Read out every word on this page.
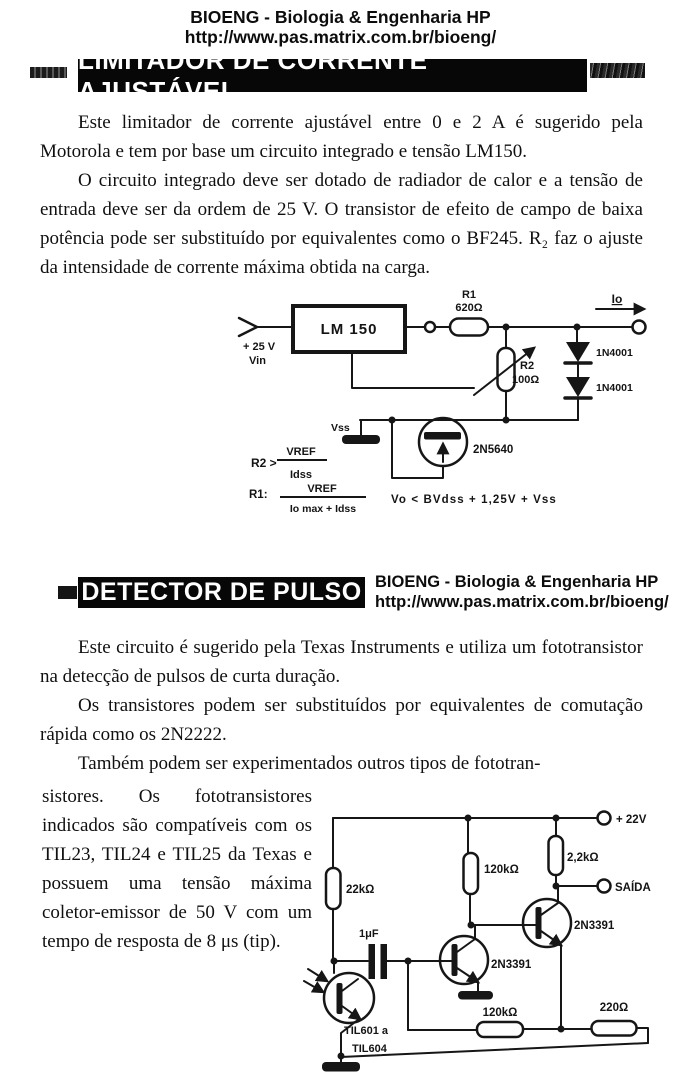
BIOENG - Biologia & Engenharia HP
http://www.pas.matrix.com.br/bioeng/
LIMITADOR DE CORRENTE AJUSTÁVEL

Este limitador de corrente ajustável entre 0 e 2 A é sugerido pela Motorola e tem por base um circuito integrado e tensão LM150.

O circuito integrado deve ser dotado de radiador de calor e a tensão de entrada deve ser da ordem de 25 V. O transistor de efeito de campo de baixa potência pode ser substituído por equivalentes como o BF245. R₂ faz o ajuste da intensidade de corrente máxima obtida na carga.

+ 25 V
Vin
LM 150
R1
620Ω
Io
R2
100Ω
1N4001
1N4001
Vss
2N5640
R2 >
VREF
Idss
R1:	VREF
Io max + Idss
Vo < BVdss + 1,25V + Vss
DETECTOR DE PULSO BIOENG - Biologia & Engenharia HP
http://www.pas.matrix.com.br/bioeng/

Este circuito é sugerido pela Texas Instruments e utiliza um fototransistor na detecção de pulsos de curta duração.

Os transistores podem ser substituídos por equivalentes de comutação rápida como os 2N2222.

Também podem ser experimentados outros tipos de fototran-

sistores. Os fototransistores indicados são compatíveis com os TIL23, TIL24 e TIL25 da Texas e possuem uma tensão máxima coletor-emissor de 50 V com um tempo de resposta de 8 μs (tip).

+ 22V
22kΩ
1μF
2N3391
120kΩ
2N3391
2,2kΩ
SAÍDA
120kΩ	220Ω
TIL601 a
TIL604
